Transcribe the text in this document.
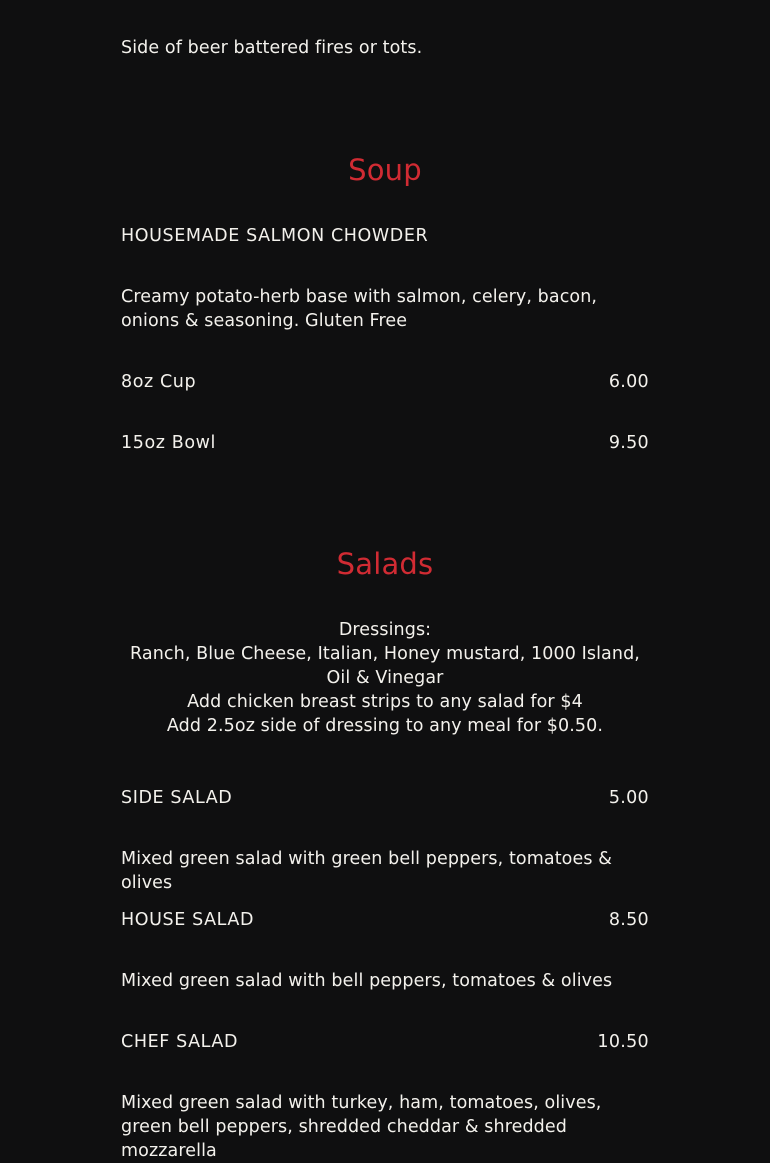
Side of beer battered fires or tots.
Soup
HOUSEMADE SALMON CHOWDER
Creamy potato-herb base with salmon, celery, bacon, onions & seasoning. Gluten Free
8oz Cup	6.00
15oz Bowl	9.50
Salads
Dressings:
Ranch, Blue Cheese, Italian, Honey mustard, 1000 Island,
Oil & Vinegar
Add chicken breast strips to any salad for $4
Add 2.5oz side of dressing to any meal for $0.50.
SIDE SALAD	5.00
Mixed green salad with green bell peppers, tomatoes & olives
HOUSE SALAD	8.50
Mixed green salad with bell peppers, tomatoes & olives
CHEF SALAD	10.50
Mixed green salad with turkey, ham, tomatoes, olives, green bell peppers, shredded cheddar & shredded mozzarella
